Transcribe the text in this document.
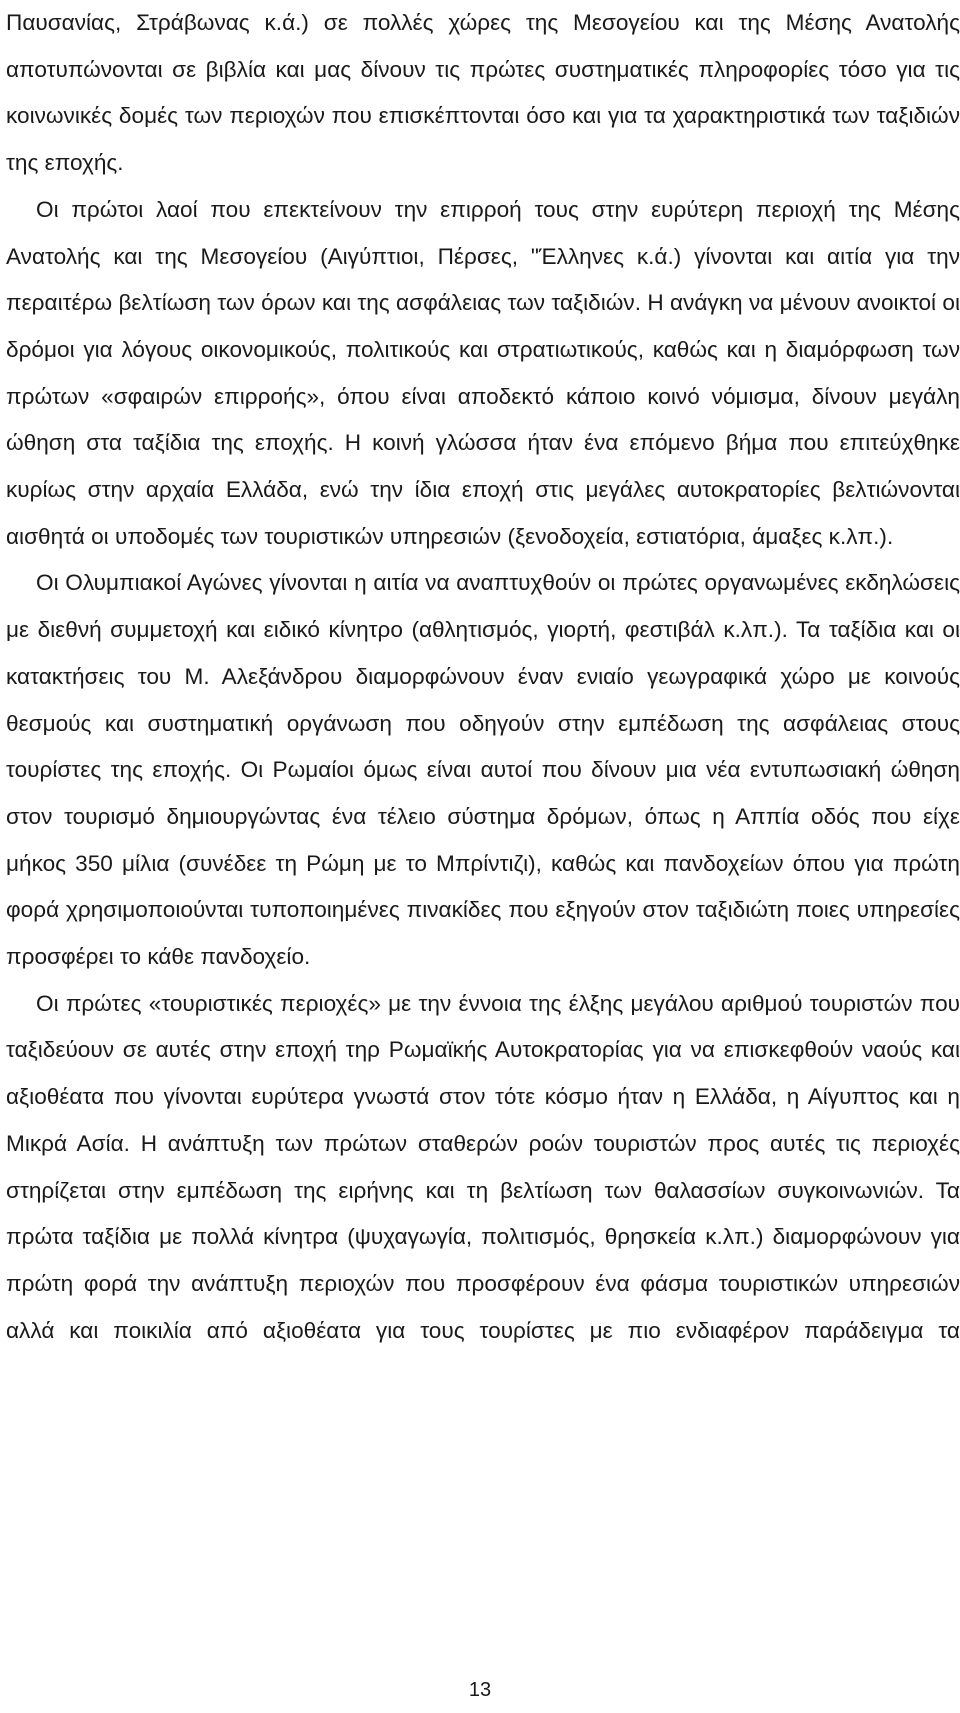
Παυσανίας, Στράβωνας κ.ά.) σε πολλές χώρες της Μεσογείου και της Μέσης Ανατολής αποτυπώνονται σε βιβλία και μας δίνουν τις πρώτες συστηματικές πληροφορίες τόσο για τις κοινωνικές δομές των περιοχών που επισκέπτονται όσο και για τα χαρακτηριστικά των ταξιδιών της εποχής.

Οι πρώτοι λαοί που επεκτείνουν την επιρροή τους στην ευρύτερη περιοχή της Μέσης Ανατολής και της Μεσογείου (Αιγύπτιοι, Πέρσες, "Έλληνες κ.ά.) γίνονται και αιτία για την περαιτέρω βελτίωση των όρων και της ασφάλειας των ταξιδιών. Η ανάγκη να μένουν ανοικτοί οι δρόμοι για λόγους οικονομικούς, πολιτικούς και στρατιωτικούς, καθώς και η διαμόρφωση των πρώτων «σφαιρών επιρροής», όπου είναι αποδεκτό κάποιο κοινό νόμισμα, δίνουν μεγάλη ώθηση στα ταξίδια της εποχής. Η κοινή γλώσσα ήταν ένα επόμενο βήμα που επιτεύχθηκε κυρίως στην αρχαία Ελλάδα, ενώ την ίδια εποχή στις μεγάλες αυτοκρατορίες βελτιώνονται αισθητά οι υποδομές των τουριστικών υπηρεσιών (ξενοδοχεία, εστιατόρια, άμαξες κ.λπ.).

Οι Ολυμπιακοί Αγώνες γίνονται η αιτία να αναπτυχθούν οι πρώτες οργανωμένες εκδηλώσεις με διεθνή συμμετοχή και ειδικό κίνητρο (αθλητισμός, γιορτή, φεστιβάλ κ.λπ.). Τα ταξίδια και οι κατακτήσεις του Μ. Αλεξάνδρου διαμορφώνουν έναν ενιαίο γεωγραφικά χώρο με κοινούς θεσμούς και συστηματική οργάνωση που οδηγούν στην εμπέδωση της ασφάλειας στους τουρίστες της εποχής. Οι Ρωμαίοι όμως είναι αυτοί που δίνουν μια νέα εντυπωσιακή ώθηση στον τουρισμό δημιουργώντας ένα τέλειο σύστημα δρόμων, όπως η Αππία οδός που είχε μήκος 350 μίλια (συνέδεε τη Ρώμη με το Μπρίντιζι), καθώς και πανδοχείων όπου για πρώτη φορά χρησιμοποιούνται τυποποιημένες πινακίδες που εξηγούν στον ταξιδιώτη ποιες υπηρεσίες προσφέρει το κάθε πανδοχείο.

Οι πρώτες «τουριστικές περιοχές» με την έννοια της έλξης μεγάλου αριθμού τουριστών που ταξιδεύουν σε αυτές στην εποχή τηρ Ρωμαϊκής Αυτοκρατορίας για να επισκεφθούν ναούς και αξιοθέατα που γίνονται ευρύτερα γνωστά στον τότε κόσμο ήταν η Ελλάδα, η Αίγυπτος και η Μικρά Ασία. Η ανάπτυξη των πρώτων σταθερών ροών τουριστών προς αυτές τις περιοχές στηρίζεται στην εμπέδωση της ειρήνης και τη βελτίωση των θαλασσίων συγκοινωνιών. Τα πρώτα ταξίδια με πολλά κίνητρα (ψυχαγωγία, πολιτισμός, θρησκεία κ.λπ.) διαμορφώνουν για πρώτη φορά την ανάπτυξη περιοχών που προσφέρουν ένα φάσμα τουριστικών υπηρεσιών αλλά και ποικιλία από αξιοθέατα για τους τουρίστες με πιο ενδιαφέρον παράδειγμα τα

13
